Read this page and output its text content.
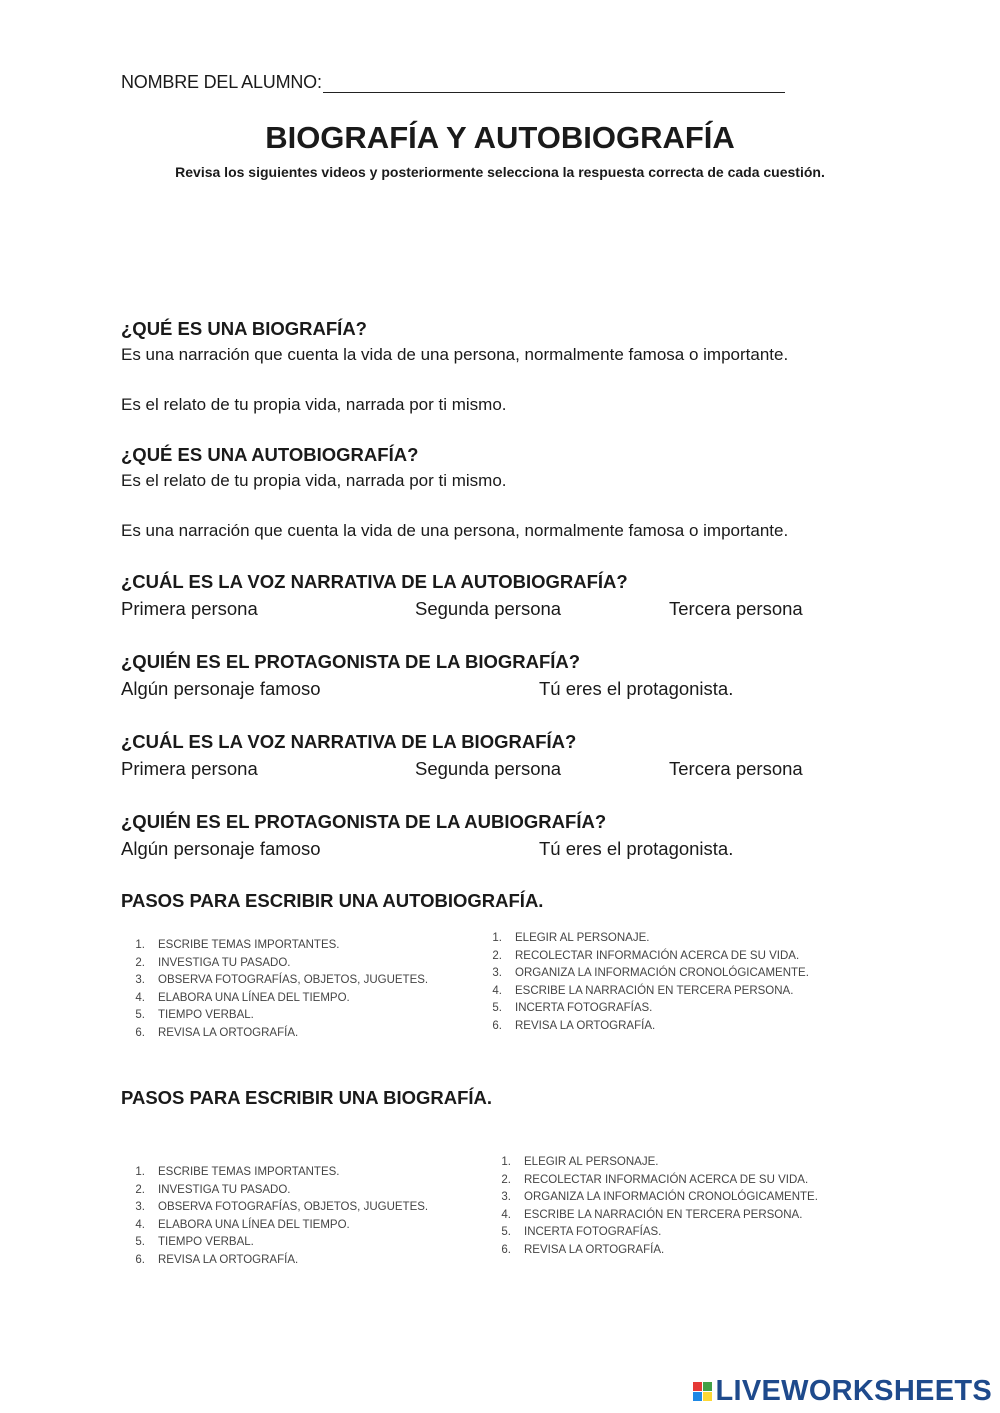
NOMBRE DEL ALUMNO:
BIOGRAFÍA Y AUTOBIOGRAFÍA
Revisa los siguientes videos y posteriormente selecciona la respuesta correcta de cada cuestión.
¿QUÉ ES UNA BIOGRAFÍA?
Es una narración que cuenta la vida de una persona, normalmente famosa o importante.
Es el relato de tu propia vida, narrada por ti mismo.
¿QUÉ ES UNA AUTOBIOGRAFÍA?
Es el relato de tu propia vida, narrada por ti mismo.
Es una narración que cuenta la vida de una persona, normalmente famosa o importante.
¿CUÁL ES LA VOZ NARRATIVA DE LA AUTOBIOGRAFÍA?
Primera persona	Segunda persona	Tercera persona
¿QUIÉN ES EL PROTAGONISTA DE LA BIOGRAFÍA?
Algún personaje famoso	Tú eres el protagonista.
¿CUÁL ES LA VOZ NARRATIVA DE LA BIOGRAFÍA?
Primera persona	Segunda persona	Tercera persona
¿QUIÉN ES EL PROTAGONISTA DE LA AUBIOGRAFÍA?
Algún personaje famoso	Tú eres el protagonista.
PASOS PARA ESCRIBIR UNA AUTOBIOGRAFÍA.
1. ESCRIBE TEMAS IMPORTANTES.
2. INVESTIGA TU PASADO.
3. OBSERVA FOTOGRAFÍAS, OBJETOS, JUGUETES.
4. ELABORA UNA LÍNEA DEL TIEMPO.
5. TIEMPO VERBAL.
6. REVISA LA ORTOGRAFÍA.
1. ELEGIR AL PERSONAJE.
2. RECOLECTAR INFORMACIÓN ACERCA DE SU VIDA.
3. ORGANIZA LA INFORMACIÓN CRONOLÓGICAMENTE.
4. ESCRIBE LA NARRACIÓN EN TERCERA PERSONA.
5. INCERTA FOTOGRAFÍAS.
6. REVISA LA ORTOGRAFÍA.
PASOS PARA ESCRIBIR UNA BIOGRAFÍA.
1. ESCRIBE TEMAS IMPORTANTES.
2. INVESTIGA TU PASADO.
3. OBSERVA FOTOGRAFÍAS, OBJETOS, JUGUETES.
4. ELABORA UNA LÍNEA DEL TIEMPO.
5. TIEMPO VERBAL.
6. REVISA LA ORTOGRAFÍA.
1. ELEGIR AL PERSONAJE.
2. RECOLECTAR INFORMACIÓN ACERCA DE SU VIDA.
3. ORGANIZA LA INFORMACIÓN CRONOLÓGICAMENTE.
4. ESCRIBE LA NARRACIÓN EN TERCERA PERSONA.
5. INCERTA FOTOGRAFÍAS.
6. REVISA LA ORTOGRAFÍA.
LIVEWORKSHEETS
